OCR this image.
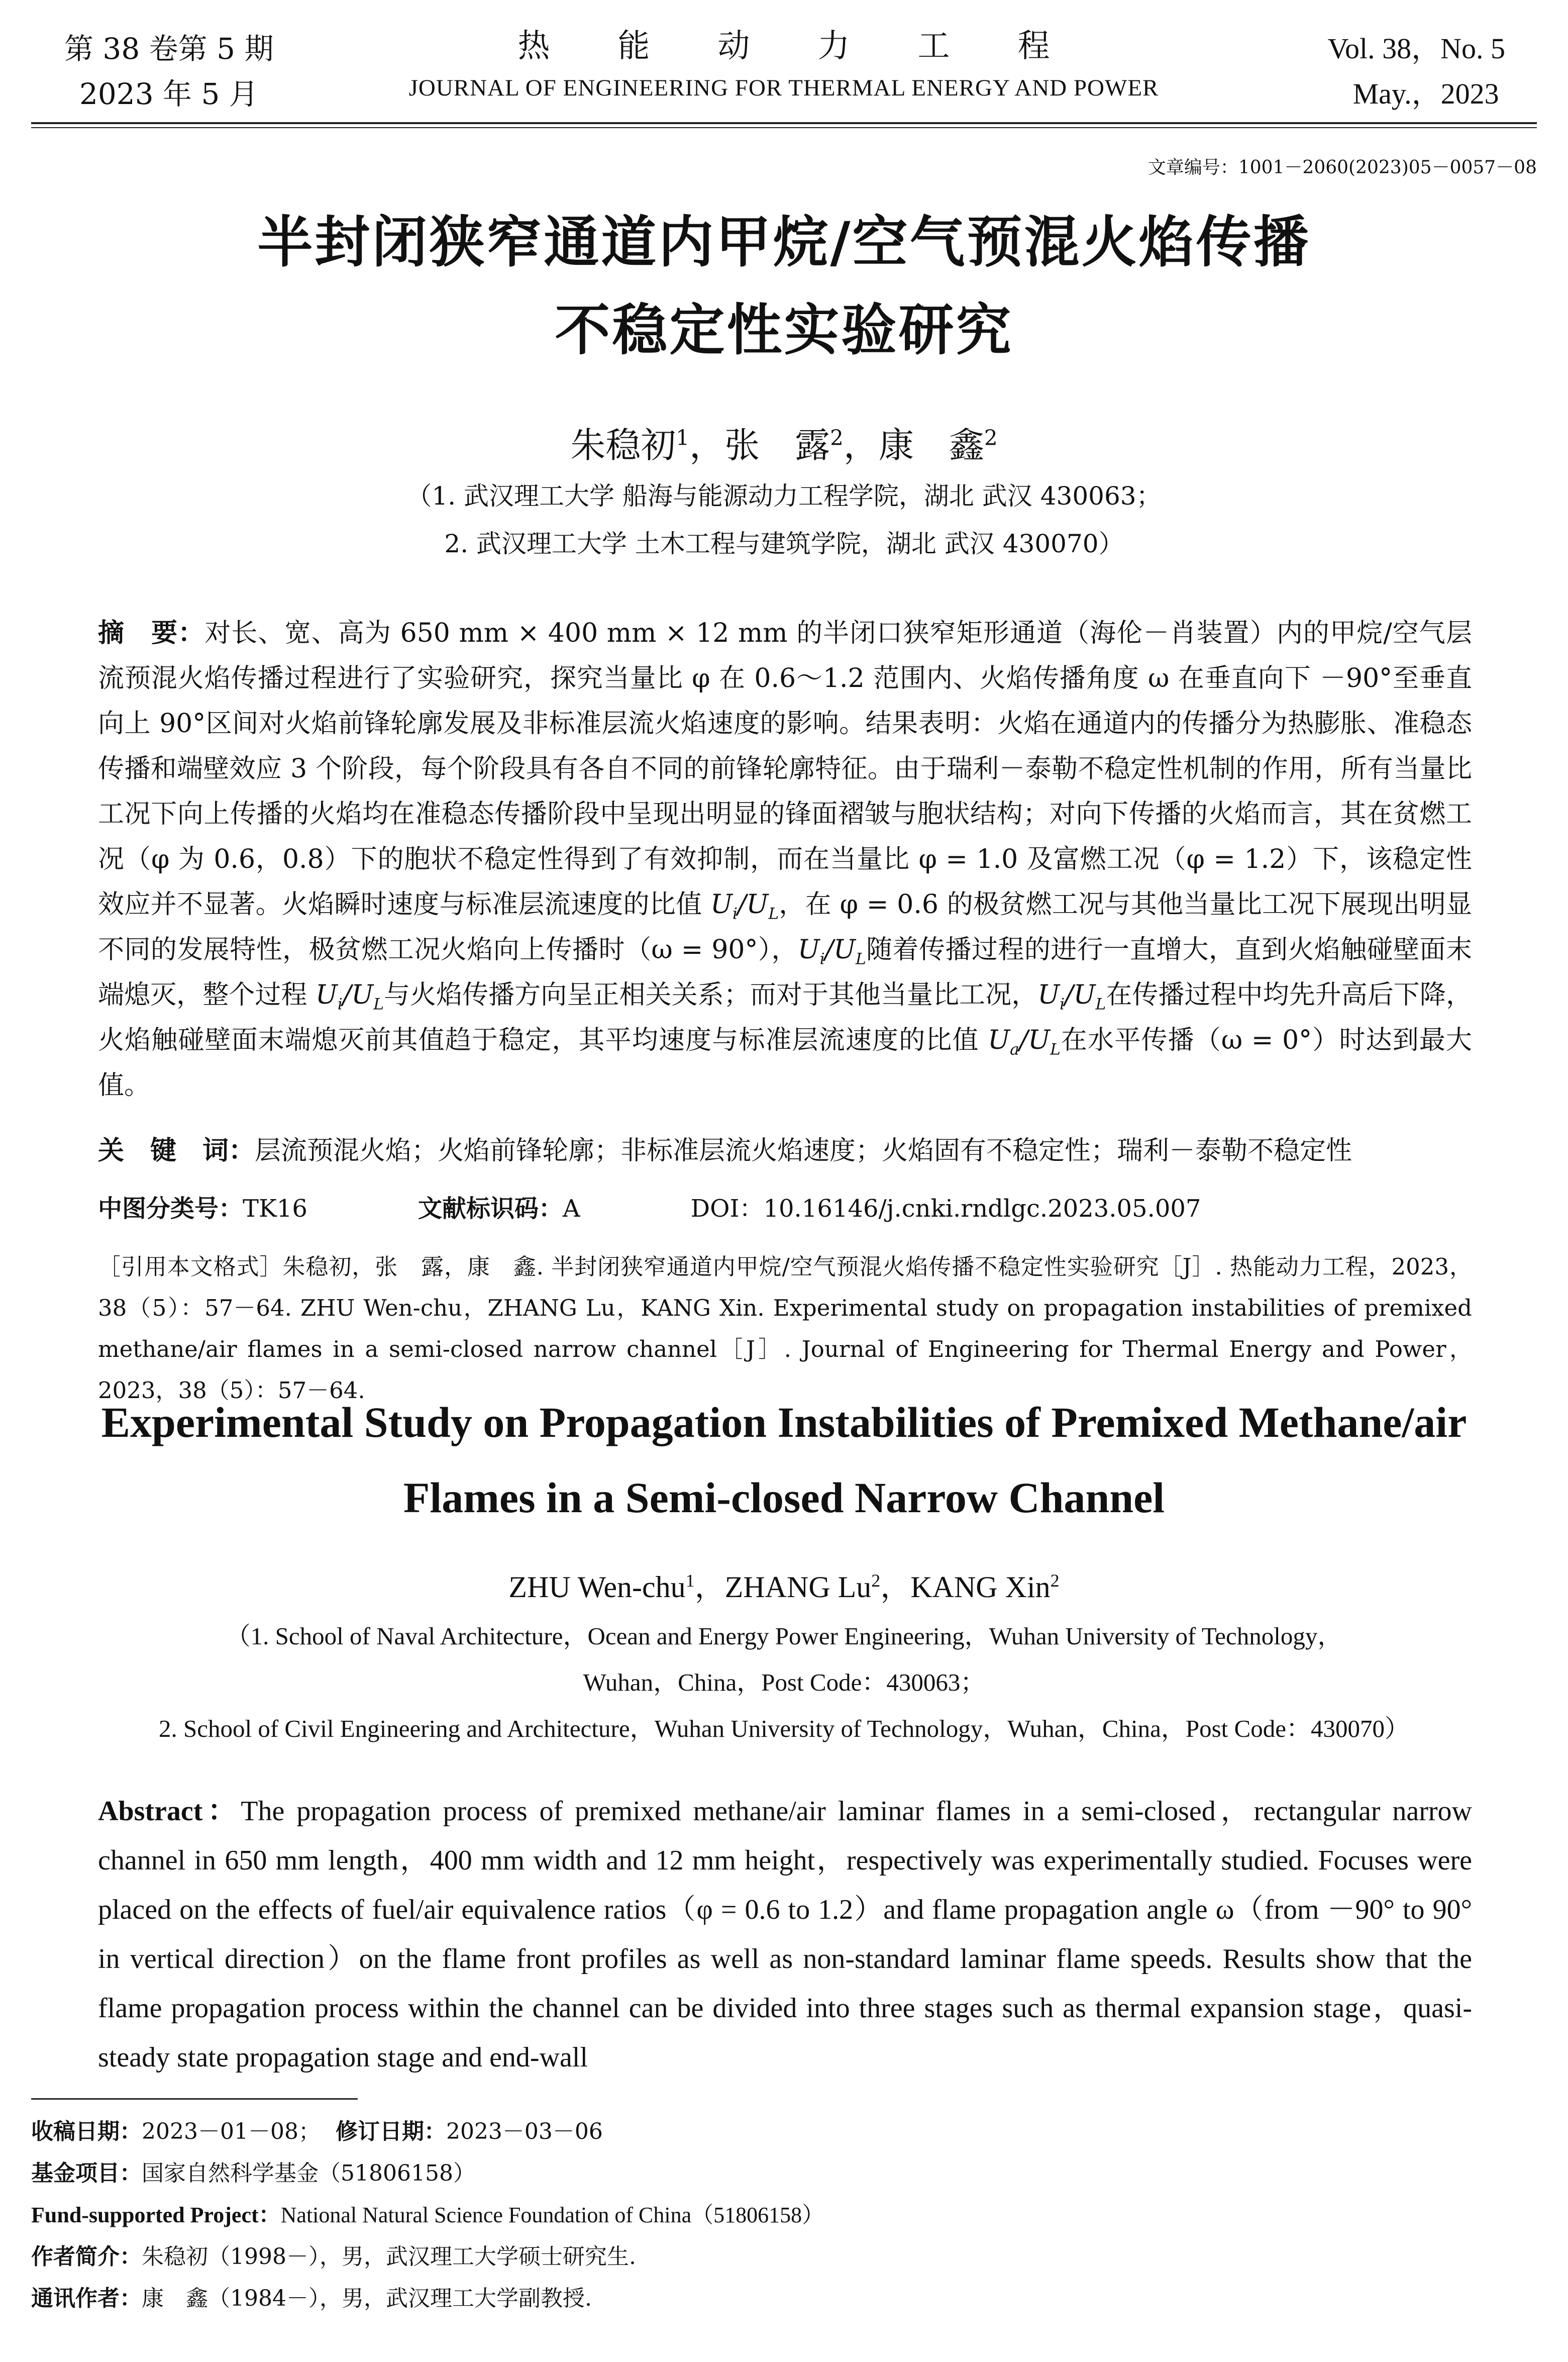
第 38 卷第 5 期
2023 年 5 月
热能动力工程
JOURNAL OF ENGINEERING FOR THERMAL ENERGY AND POWER
Vol. 38，No. 5
May.，2023
文章编号：1001－2060(2023)05－0057－08
半封闭狭窄通道内甲烷/空气预混火焰传播
不稳定性实验研究
朱稳初$^1$，张　露$^2$，康　鑫$^2$
（1. 武汉理工大学 船海与能源动力工程学院，湖北 武汉 430063；
2. 武汉理工大学 土木工程与建筑学院，湖北 武汉 430070）
摘　要：对长、宽、高为 650 mm × 400 mm × 12 mm 的半闭口狭窄矩形通道（海伦－肖装置）内的甲烷/空气层流预混火焰传播过程进行了实验研究，探究当量比 φ 在 0.6～1.2 范围内、火焰传播角度 ω 在垂直向下 －90°至垂直向上 90°区间对火焰前锋轮廓发展及非标准层流火焰速度的影响。结果表明：火焰在通道内的传播分为热膨胀、准稳态传播和端壁效应 3 个阶段，每个阶段具有各自不同的前锋轮廓特征。由于瑞利－泰勒不稳定性机制的作用，所有当量比工况下向上传播的火焰均在准稳态传播阶段中呈现出明显的锋面褶皱与胞状结构；对向下传播的火焰而言，其在贫燃工况（φ 为 0.6，0.8）下的胞状不稳定性得到了有效抑制，而在当量比 φ = 1.0 及富燃工况（φ = 1.2）下，该稳定性效应并不显著。火焰瞬时速度与标准层流速度的比值 $U_i/U_L$，在 φ = 0.6 的极贫燃工况与其他当量比工况下展现出明显不同的发展特性，极贫燃工况火焰向上传播时（ω = 90°），$U_i/U_L$随着传播过程的进行一直增大，直到火焰触碰壁面末端熄灭，整个过程 $U_i/U_L$与火焰传播方向呈正相关关系；而对于其他当量比工况，$U_i/U_L$在传播过程中均先升高后下降，火焰触碰壁面末端熄灭前其值趋于稳定，其平均速度与标准层流速度的比值 $U_a/U_L$在水平传播（ω = 0°）时达到最大值。
关　键　词：层流预混火焰；火焰前锋轮廓；非标准层流火焰速度；火焰固有不稳定性；瑞利－泰勒不稳定性
中图分类号：TK16	文献标识码：A	DOI：10.16146/j.cnki.rndlgc.2023.05.007
［引用本文格式］朱稳初，张　露，康　鑫. 半封闭狭窄通道内甲烷/空气预混火焰传播不稳定性实验研究［J］. 热能动力工程，2023，38（5）：57－64. ZHU Wen-chu，ZHANG Lu，KANG Xin. Experimental study on propagation instabilities of premixed methane/air flames in a semi-closed narrow channel［J］. Journal of Engineering for Thermal Energy and Power，2023，38（5）：57－64.
Experimental Study on Propagation Instabilities of Premixed Methane/air Flames in a Semi-closed Narrow Channel
ZHU Wen-chu$^1$，ZHANG Lu$^2$，KANG Xin$^2$
（1. School of Naval Architecture，Ocean and Energy Power Engineering，Wuhan University of Technology，
Wuhan，China，Post Code：430063；
2. School of Civil Engineering and Architecture，Wuhan University of Technology，Wuhan，China，Post Code：430070）
Abstract：The propagation process of premixed methane/air laminar flames in a semi-closed，rectangular narrow channel in 650 mm length，400 mm width and 12 mm height，respectively was experimentally studied. Focuses were placed on the effects of fuel/air equivalence ratios（φ = 0.6 to 1.2）and flame propagation angle ω（from －90° to 90° in vertical direction）on the flame front profiles as well as non-standard laminar flame speeds. Results show that the flame propagation process within the channel can be divided into three stages such as thermal expansion stage，quasi-steady state propagation stage and end-wall
收稿日期：2023－01－08； 修订日期：2023－03－06
基金项目：国家自然科学基金（51806158）
Fund-supported Project：National Natural Science Foundation of China（51806158）
作者简介：朱稳初（1998－），男，武汉理工大学硕士研究生.
通讯作者：康　鑫（1984－），男，武汉理工大学副教授.
